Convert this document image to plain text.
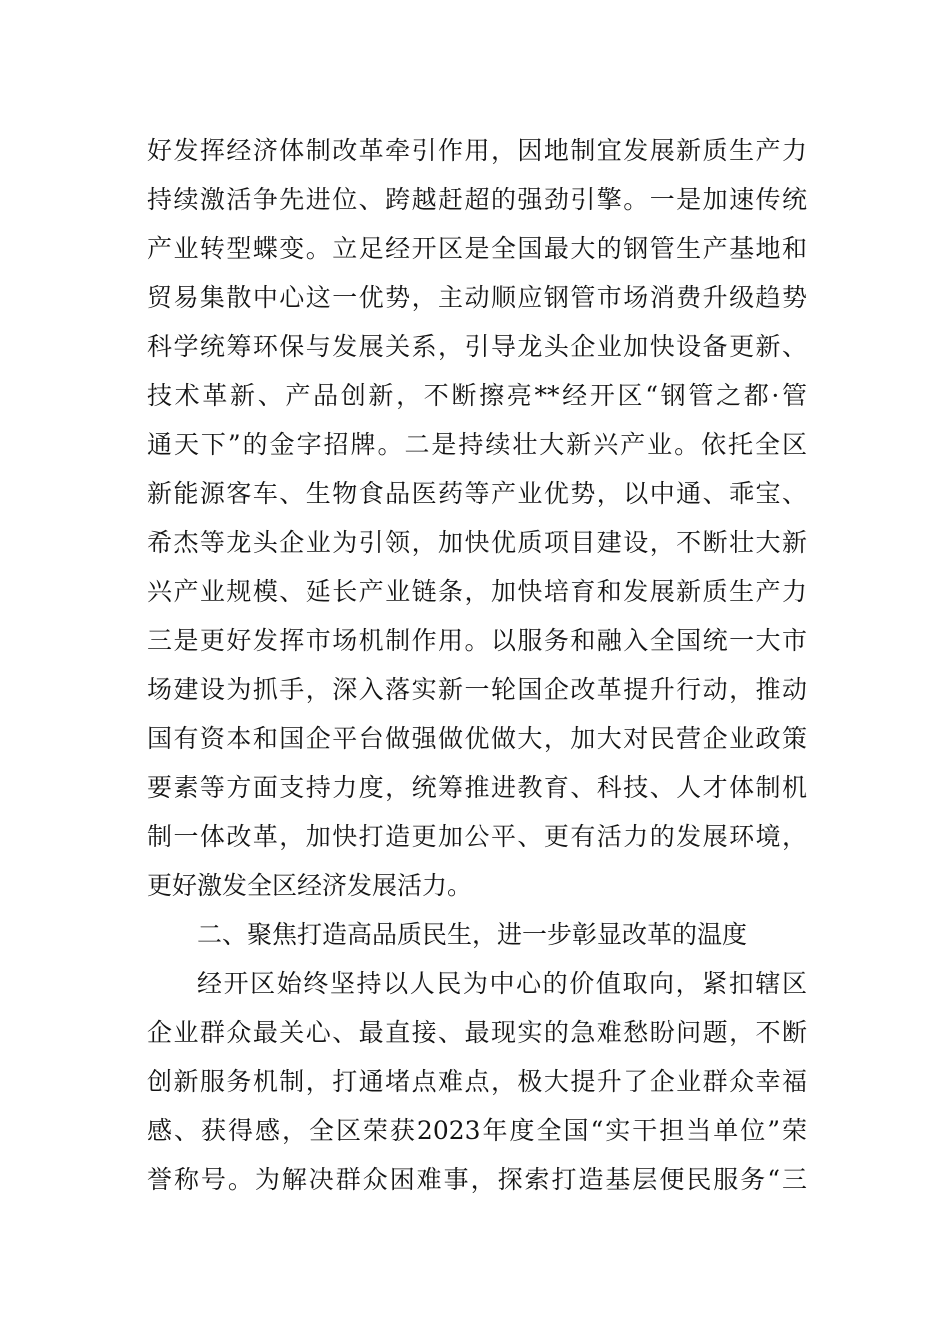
好发挥经济体制改革牵引作用，因地制宜发展新质生产力
持续激活争先进位、跨越赶超的强劲引擎。一是加速传统
产业转型蝶变。立足经开区是全国最大的钢管生产基地和
贸易集散中心这一优势，主动顺应钢管市场消费升级趋势
科学统筹环保与发展关系，引导龙头企业加快设备更新、
技术革新、产品创新，不断擦亮**经开区“钢管之都·管
通天下”的金字招牌。二是持续壮大新兴产业。依托全区
新能源客车、生物食品医药等产业优势，以中通、乖宝、
希杰等龙头企业为引领，加快优质项目建设，不断壮大新
兴产业规模、延长产业链条，加快培育和发展新质生产力
三是更好发挥市场机制作用。以服务和融入全国统一大市
场建设为抓手，深入落实新一轮国企改革提升行动，推动
国有资本和国企平台做强做优做大，加大对民营企业政策
要素等方面支持力度，统筹推进教育、科技、人才体制机
制一体改革，加快打造更加公平、更有活力的发展环境，
更好激发全区经济发展活力。
二、聚焦打造高品质民生，进一步彰显改革的温度
经开区始终坚持以人民为中心的价值取向，紧扣辖区
企业群众最关心、最直接、最现实的急难愁盼问题，不断
创新服务机制，打通堵点难点，极大提升了企业群众幸福
感、获得感，全区荣获2023年度全国“实干担当单位”荣
誉称号。为解决群众困难事，探索打造基层便民服务“三
